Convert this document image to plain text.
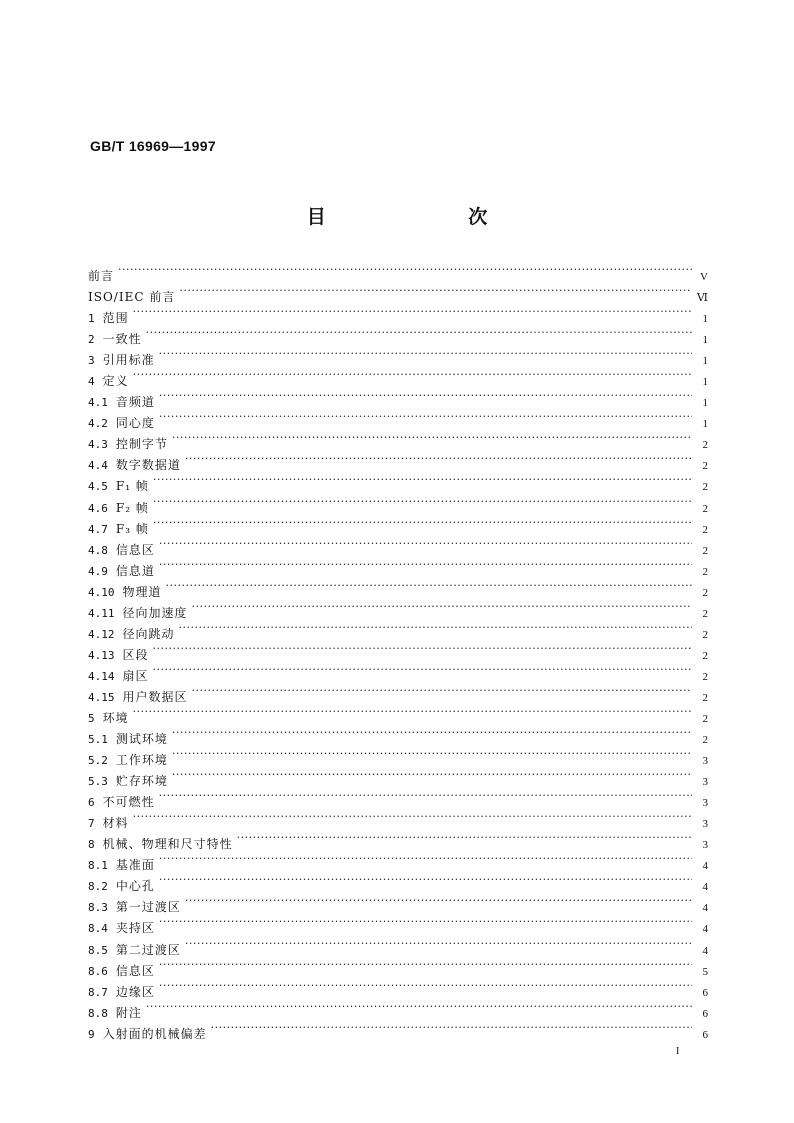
GB/T 16969—1997
目 次
前言 ·····	V
ISO/IEC 前言 ·····	Ⅵ
1 范围 ·····	1
2 一致性 ·····	1
3 引用标准 ·····	1
4 定义 ·····	1
4.1 音频道 ·····	1
4.2 同心度 ·····	1
4.3 控制字节 ·····	2
4.4 数字数据道 ·····	2
4.5 F₁ 帧 ·····	2
4.6 F₂ 帧 ·····	2
4.7 F₃ 帧 ·····	2
4.8 信息区 ·····	2
4.9 信息道 ·····	2
4.10 物理道 ·····	2
4.11 径向加速度 ·····	2
4.12 径向跳动 ·····	2
4.13 区段 ·····	2
4.14 扇区 ·····	2
4.15 用户数据区 ·····	2
5 环境 ·····	2
5.1 测试环境 ·····	2
5.2 工作环境 ·····	3
5.3 贮存环境 ·····	3
6 不可燃性 ·····	3
7 材料 ·····	3
8 机械、物理和尺寸特性 ·····	3
8.1 基准面 ·····	4
8.2 中心孔 ·····	4
8.3 第一过渡区 ·····	4
8.4 夹持区 ·····	4
8.5 第二过渡区 ·····	4
8.6 信息区 ·····	5
8.7 边缘区 ·····	6
8.8 附注 ·····	6
9 入射面的机械偏差 ·····	6
I
